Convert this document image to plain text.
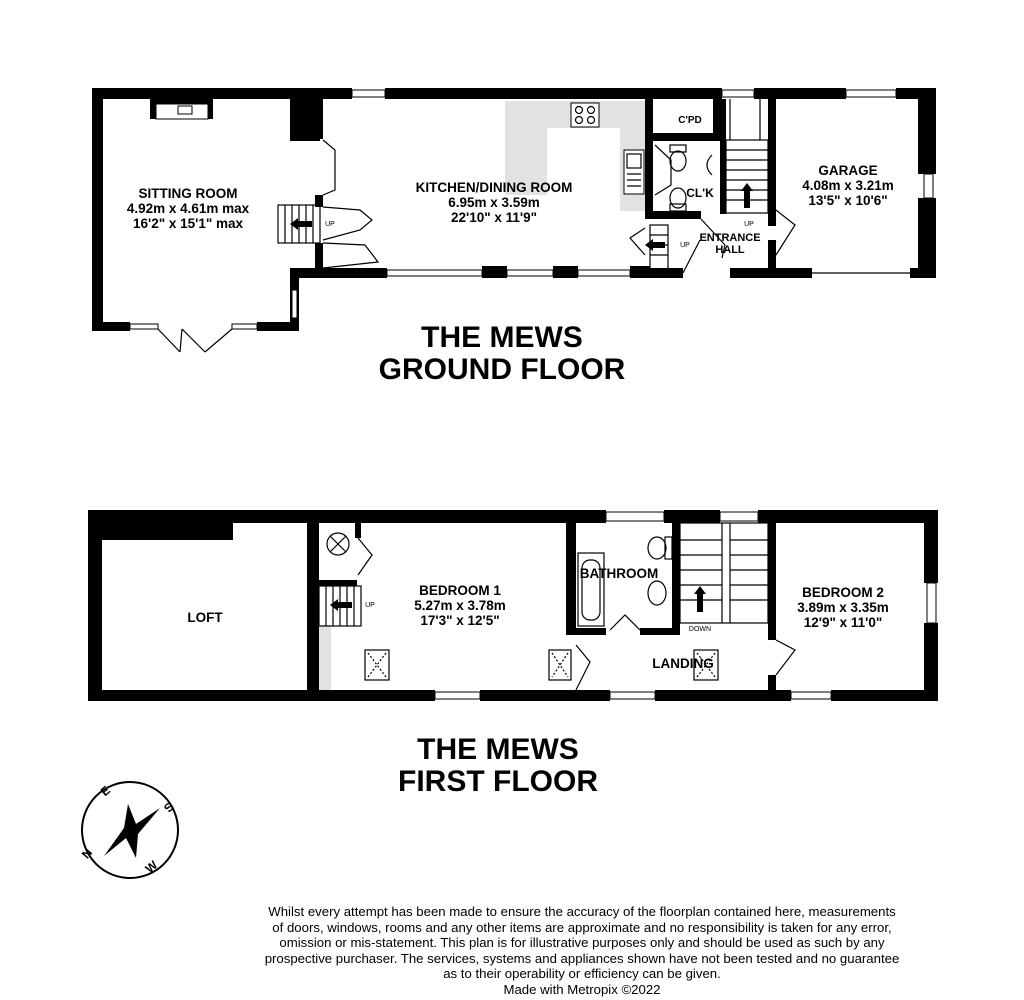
SITTING ROOM
4.92m x 4.61m max
16'2" x 15'1" max
KITCHEN/DINING ROOM
6.95m x 3.59m
22'10" x 11'9"
GARAGE
4.08m x 3.21m
13'5" x 10'6"
C'PD
CL'K
ENTRANCE
HALL
UP
UP
UP
LOFT
BEDROOM 1
5.27m x 3.78m
17'3" x 12'5"
BATHROOM
BEDROOM 2
3.89m x 3.35m
12'9" x 11'0"
LANDING
UP
DOWN
N
E
S
W
THE MEWS
GROUND FLOOR
THE MEWS
FIRST FLOOR
Whilst every attempt has been made to ensure the accuracy of the floorplan contained here, measurements
of doors, windows, rooms and any other items are approximate and no responsibility is taken for any error,
omission or mis-statement. This plan is for illustrative purposes only and should be used as such by any
prospective purchaser. The services, systems and appliances shown have not been tested and no guarantee
as to their operability or efficiency can be given.
Made with Metropix ©2022
